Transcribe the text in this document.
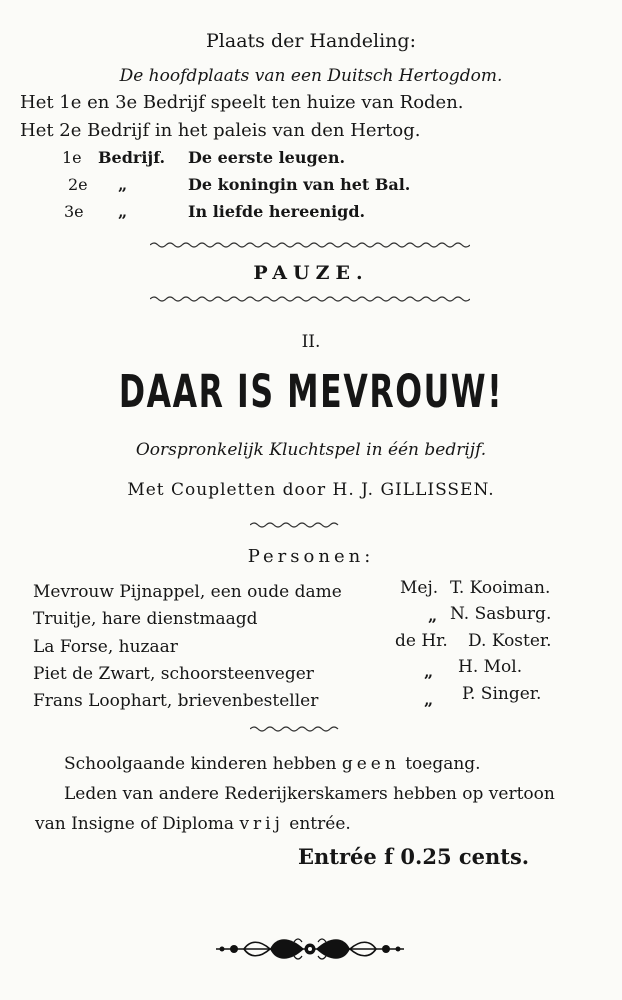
Plaats der Handeling:
De hoofdplaats van een Duitsch Hertogdom.
Het 1e en 3e Bedrijf speelt ten huize van Roden.
Het 2e Bedrijf in het paleis van den Hertog.
1e Bedrijf. De eerste leugen.
2e „	De koningin van het Bal.
3e „	In liefde hereenigd.
PAUZE.
II.
DAAR IS MEVROUW!
Oorspronkelijk Kluchtspel in één bedrijf.
Met Coupletten door H. J. GILLISSEN.
Personen:
Mevrouw Pijnappel, een oude dame	Mej. T. Kooiman.
Truitje, hare dienstmaagd	„ N. Sasburg.
La Forse, huzaar	de Hr. D. Koster.
Piet de Zwart, schoorsteenveger	„ H. Mol.
Frans Loophart, brievenbesteller	„ P. Singer.
Schoolgaande kinderen hebben geen toegang.
Leden van andere Rederijkerskamers hebben op vertoon
van Insigne of Diploma vrij entrée.
Entrée f 0.25 cents.
